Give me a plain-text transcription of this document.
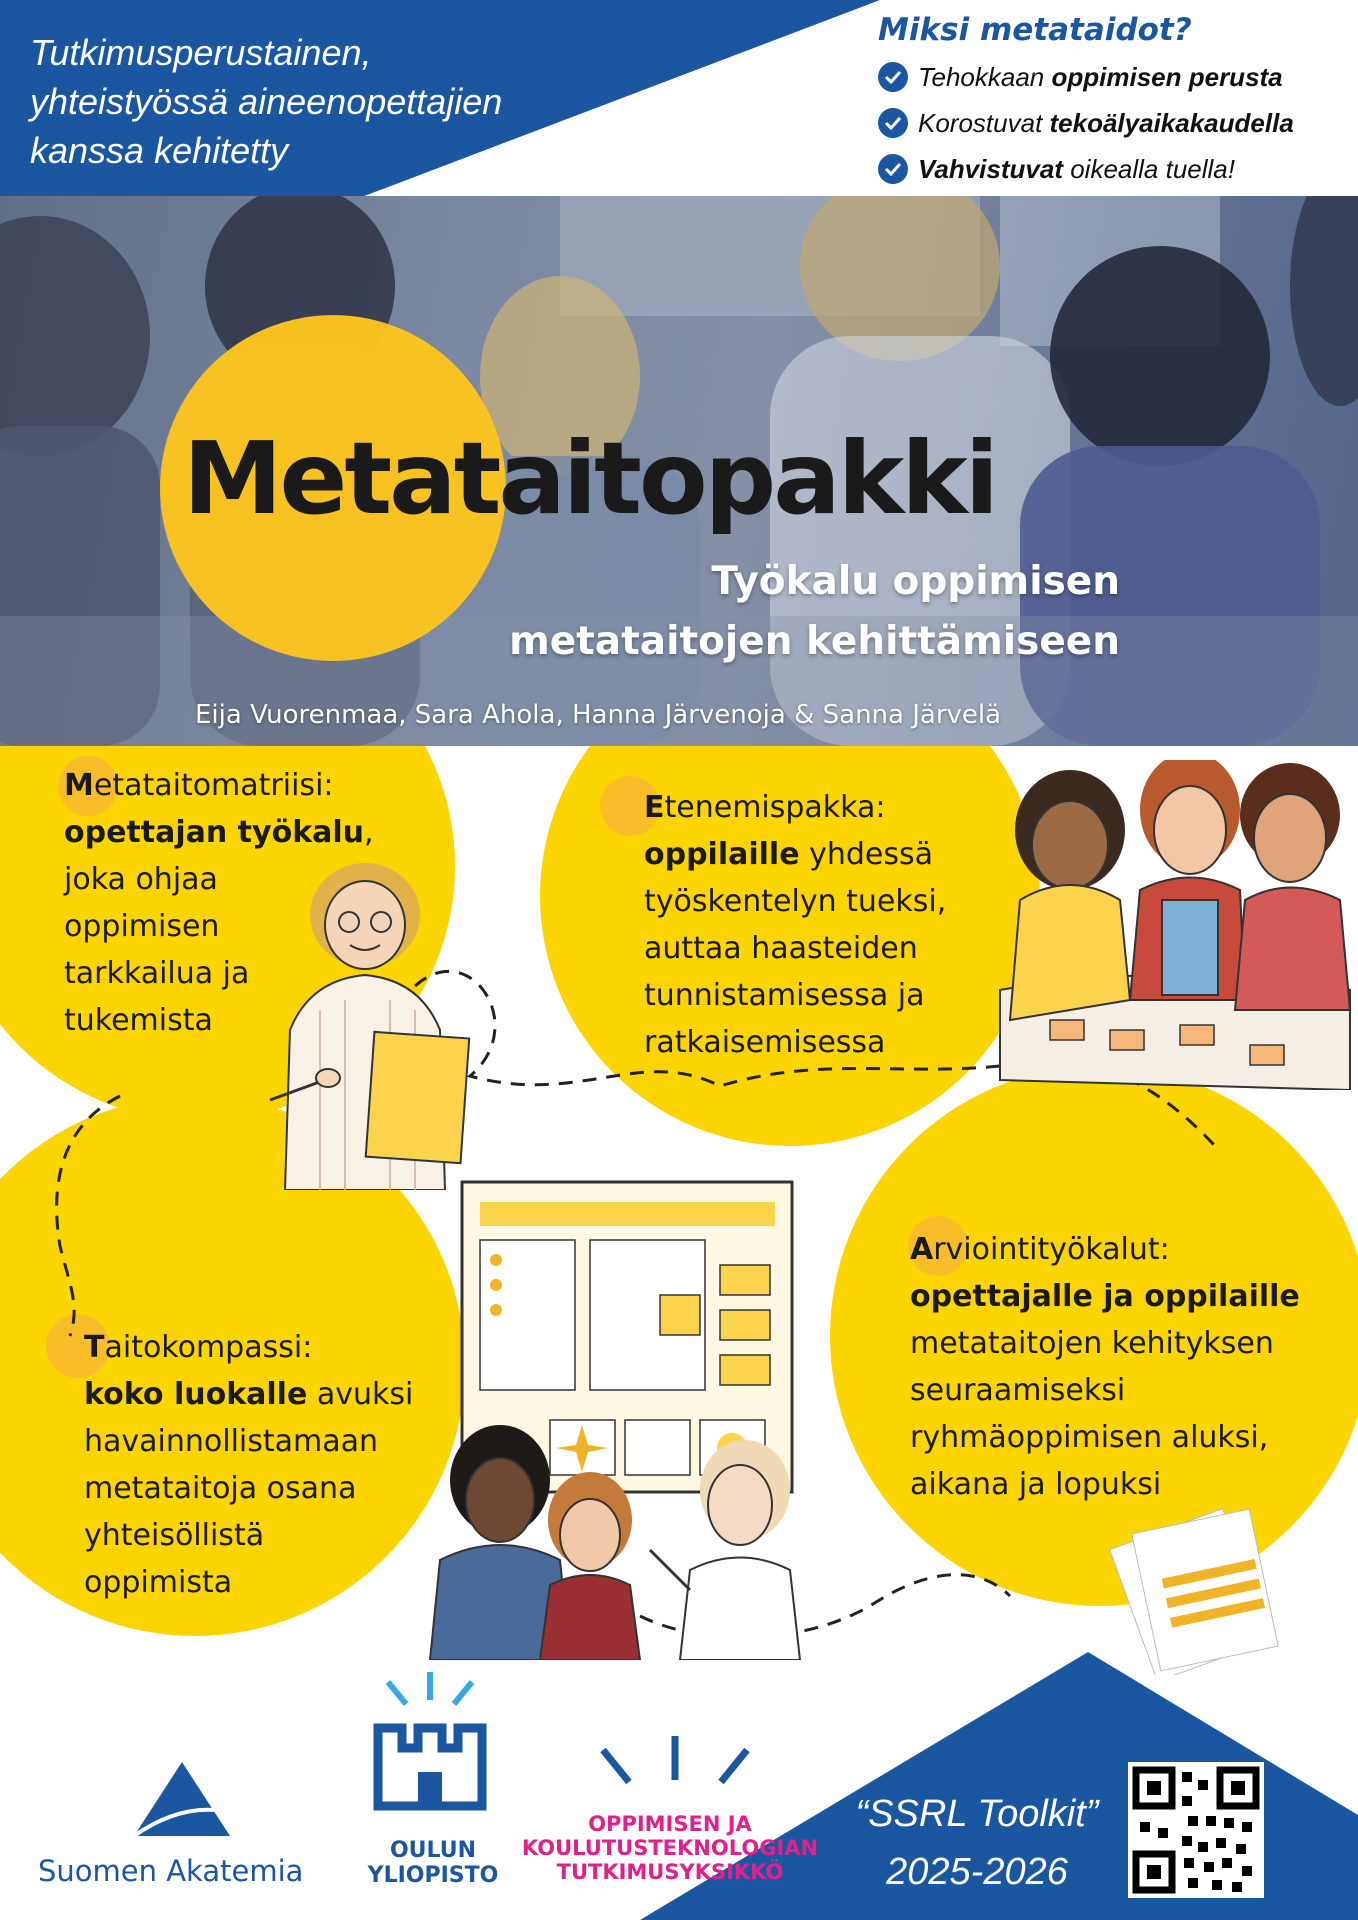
Tutkimusperustainen,
yhteistyössä aineenopettajien
kanssa kehitetty
Miksi metataidot?
Tehokkaan oppimisen perusta
Korostuvat tekoälyaikakaudella
Vahvistuvat oikealla tuella!
Metataitopakki
Työkalu oppimisen
metataitojen kehittämiseen
Eija Vuorenmaa, Sara Ahola, Hanna Järvenoja & Sanna Järvelä
Metataitomatriisi:
opettajan työkalu,
joka ohjaa
oppimisen
tarkkailua ja
tukemista
Etenemispakka:
oppilaille yhdessä
työskentelyn tueksi,
auttaa haasteiden
tunnistamisessa ja
ratkaisemisessa
Taitokompassi:
koko luokalle avuksi
havainnollistamaan
metataitoja osana
yhteisöllistä
oppimista
Arviointityökalut:
opettajalle ja oppilaille
metataitojen kehityksen
seuraamiseksi
ryhmäoppimisen aluksi,
aikana ja lopuksi
Suomen Akatemia
OULUN
YLIOPISTO
OPPIMISEN JA
KOULUTUSTEKNOLOGIAN
TUTKIMUSYKSIKKÖ
“SSRL Toolkit”
2025-2026
